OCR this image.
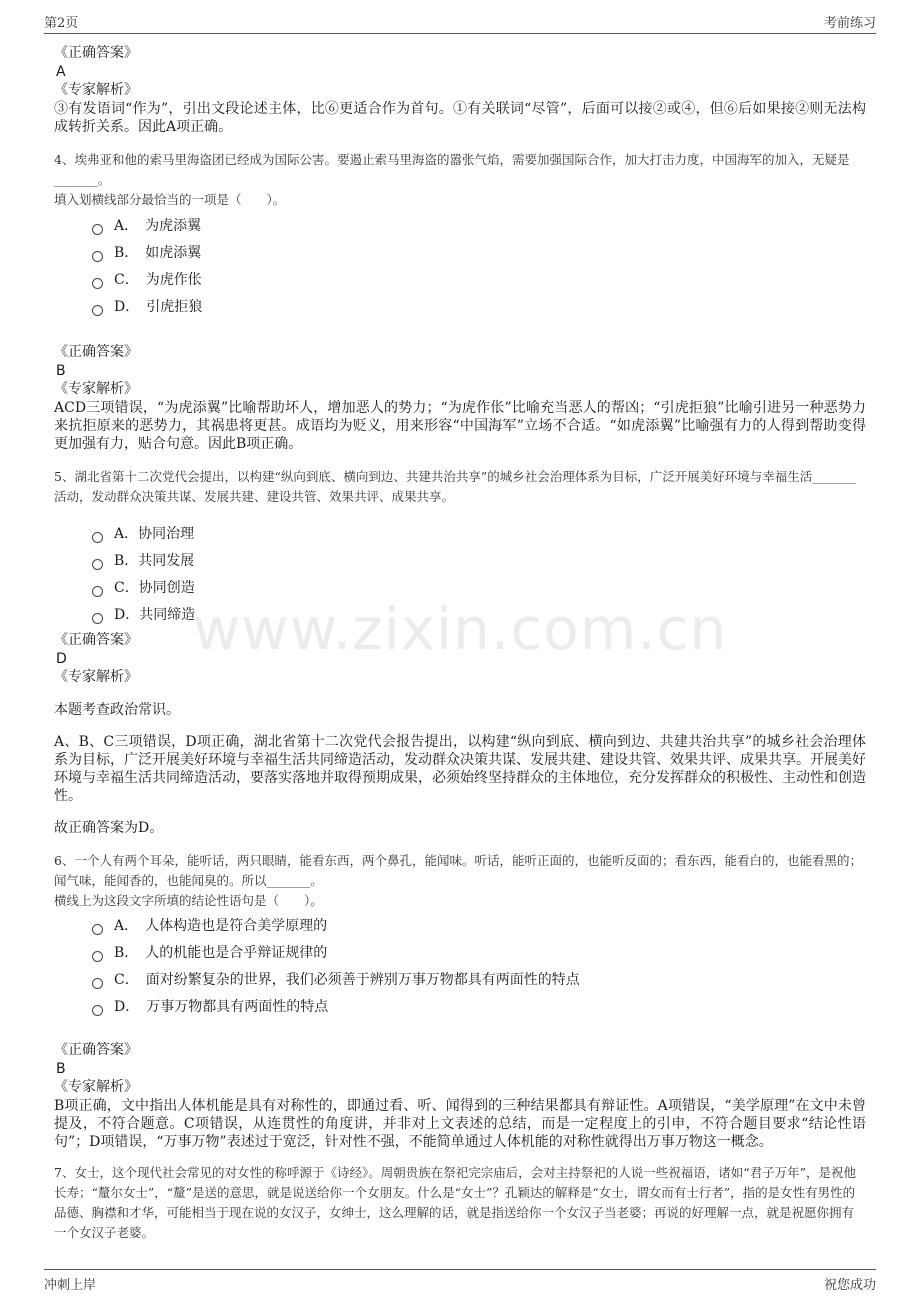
第2页	考前练习
www.zixin.com.cn
《正确答案》
A
《专家解析》
③有发语词“作为”，引出文段论述主体，比⑥更适合作为首句。①有关联词“尽管”，后面可以接②或④，但⑥后如果接②则无法构成转折关系。因此A项正确。
4、埃弗亚和他的索马里海盗团已经成为国际公害。要遏止索马里海盗的嚣张气焰，需要加强国际合作，加大打击力度，中国海军的加入，无疑是_______。
填入划横线部分最恰当的一项是（　　）。
A．　为虎添翼
B．　如虎添翼
C．　为虎作伥
D．　引虎拒狼
《正确答案》
B
《专家解析》
ACD三项错误，“为虎添翼”比喻帮助坏人，增加恶人的势力；“为虎作伥”比喻充当恶人的帮凶；“引虎拒狼”比喻引进另一种恶势力来抗拒原来的恶势力，其祸患将更甚。成语均为贬义，用来形容“中国海军”立场不合适。“如虎添翼”比喻强有力的人得到帮助变得更加强有力，贴合句意。因此B项正确。
5、湖北省第十二次党代会提出，以构建“纵向到底、横向到边、共建共治共享”的城乡社会治理体系为目标，广泛开展美好环境与幸福生活_______活动，发动群众决策共谋、发展共建、建设共管、效果共评、成果共享。
A．协同治理
B．共同发展
C．协同创造
D．共同缔造
《正确答案》
D
《专家解析》
本题考查政治常识。
A、B、C三项错误，D项正确，湖北省第十二次党代会报告提出，以构建“纵向到底、横向到边、共建共治共享”的城乡社会治理体系为目标，广泛开展美好环境与幸福生活共同缔造活动，发动群众决策共谋、发展共建、建设共管、效果共评、成果共享。开展美好环境与幸福生活共同缔造活动，要落实落地并取得预期成果，必须始终坚持群众的主体地位，充分发挥群众的积极性、主动性和创造性。
故正确答案为D。
6、一个人有两个耳朵，能听话，两只眼睛，能看东西，两个鼻孔，能闻味。听话，能听正面的，也能听反面的；看东西，能看白的，也能看黑的；闻气味，能闻香的，也能闻臭的。所以_______。
横线上为这段文字所填的结论性语句是（　　）。
A．　人体构造也是符合美学原理的
B．　人的机能也是合乎辩证规律的
C．　面对纷繁复杂的世界，我们必须善于辨别万事万物都具有两面性的特点
D．　万事万物都具有两面性的特点
《正确答案》
B
《专家解析》
B项正确，文中指出人体机能是具有对称性的，即通过看、听、闻得到的三种结果都具有辩证性。A项错误，“美学原理”在文中未曾提及，不符合题意。C项错误，从连贯性的角度讲，并非对上文表述的总结，而是一定程度上的引申，不符合题目要求“结论性语句”；D项错误，“万事万物”表述过于宽泛，针对性不强，不能简单通过人体机能的对称性就得出万事万物这一概念。
7、女士，这个现代社会常见的对女性的称呼源于《诗经》。周朝贵族在祭祀完宗庙后，会对主持祭祀的人说一些祝福语，诸如“君子万年”，是祝他长寿；“釐尔女士”，“釐”是送的意思，就是说送给你一个女朋友。什么是“女士”？孔颖达的解释是“女士，谓女而有士行者”，指的是女性有男性的品德、胸襟和才华，可能相当于现在说的女汉子，女绅士，这么理解的话，就是指送给你一个女汉子当老婆；再说的好理解一点，就是祝愿你拥有一个女汉子老婆。
冲刺上岸	祝您成功
